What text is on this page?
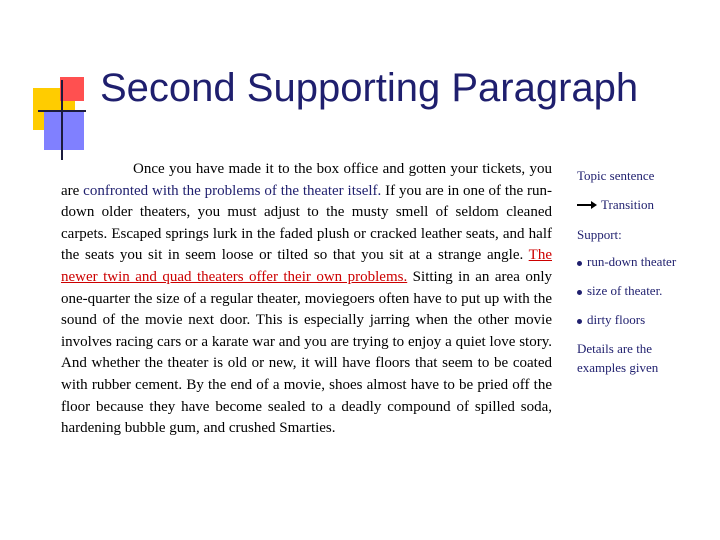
Second Supporting Paragraph
Once you have made it to the box office and gotten your tickets, you are confronted with the problems of the theater itself. If you are in one of the run-down older theaters, you must adjust to the musty smell of seldom cleaned carpets. Escaped springs lurk in the faded plush or cracked leather seats, and half the seats you sit in seem loose or tilted so that you sit at a strange angle. The newer twin and quad theaters offer their own problems. Sitting in an area only one-quarter the size of a regular theater, moviegoers often have to put up with the sound of the movie next door. This is especially jarring when the other movie involves racing cars or a karate war and you are trying to enjoy a quiet love story. And whether the theater is old or new, it will have floors that seem to be coated with rubber cement. By the end of a movie, shoes almost have to be pried off the floor because they have become sealed to a deadly compound of spilled soda, hardening bubble gum, and crushed Smarties.
Topic sentence
Transition
Support:
run-down theater
size of theater.
dirty floors
Details are the
examples given
